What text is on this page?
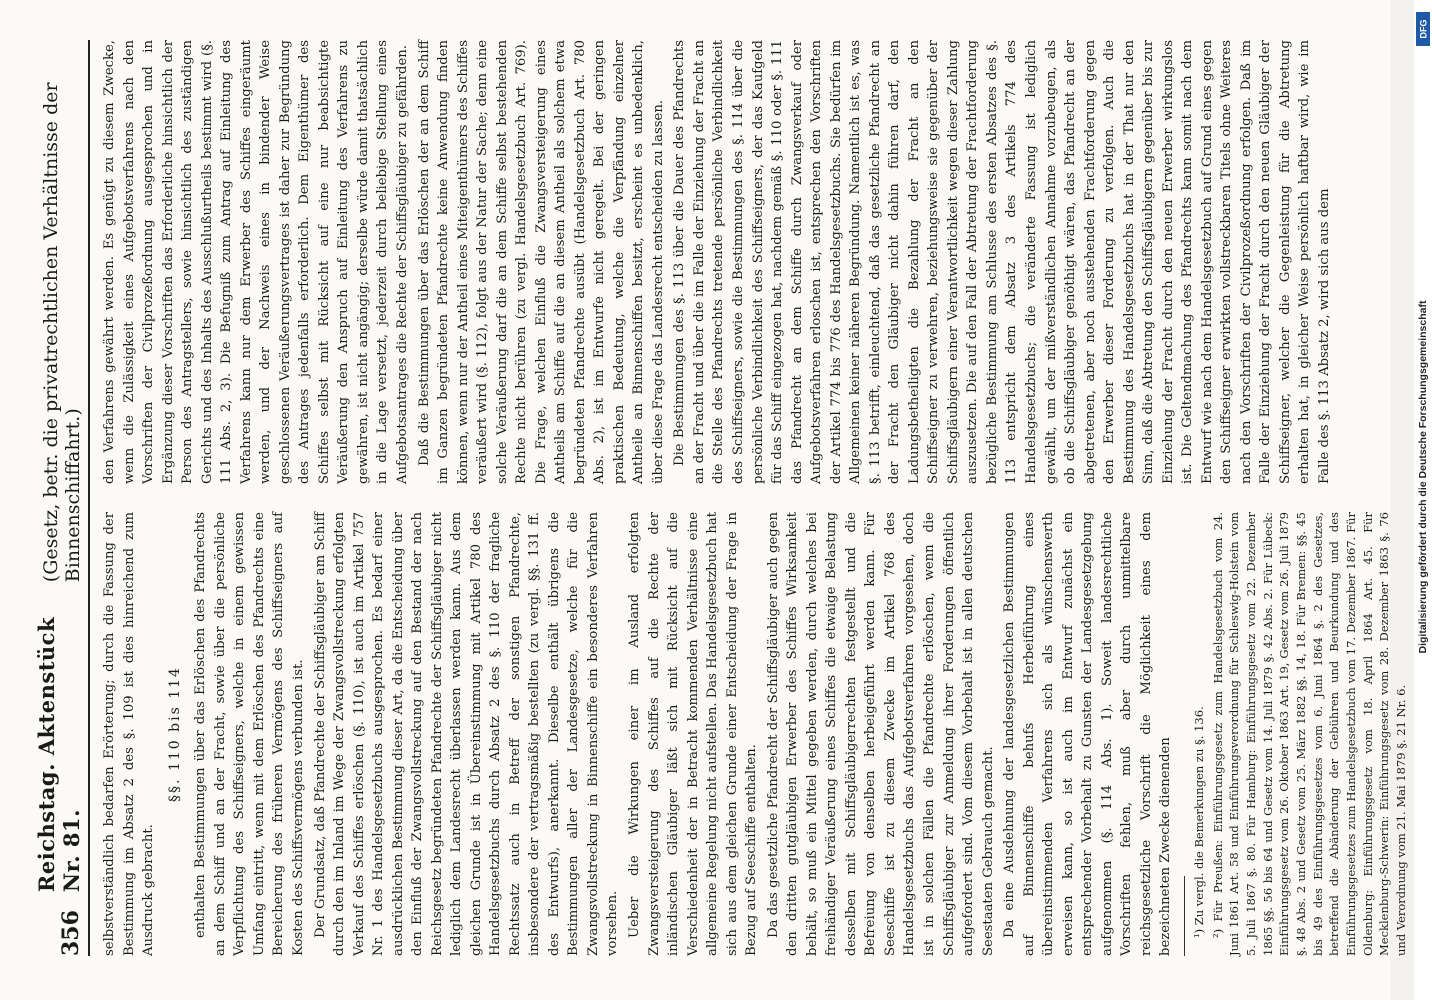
356
Reichstag. Aktenstück Nr. 81.
(Gesetz, betr. die privatrechtlichen Verhältnisse der Binnenschiffahrt.)

selbstverständlich bedarfen Erörterung; durch die Fassung der Bestimmung im Absatz 2 des §. 109 ist dies hinreichend zum Ausdruck gebracht.

§§. 110 bis 114 enthalten Bestimmungen über das Erlöschen des Pfandrechts an dem Schiff und an der Fracht, sowie über die persönliche Verpflichtung des Schiffseigners, welche in einem gewissen Umfang eintritt, wenn mit dem Erlöschen des Pfandrechts eine Bereicherung des früheren Vermögens des Schiffseigners auf Kosten des Schiffsvermögens verbunden ist. Der Grundsatz, daß Pfandrechte der Schiffsgläubiger am Schiff durch den im Inland im Wege der Zwangsvollstreckung erfolgten Verkauf des Schiffes erlöschen (§. 110), ist auch im Artikel 757 Nr. 1 des Handelsgesetzbuchs ausgesprochen. Es bedarf einer ausdrücklichen Bestimmung dieser Art, da die Entscheidung über den Einfluß der Zwangsvollstreckung auf den Bestand der nach Reichsgesetz begründeten Pfandrechte der Schiffsgläubiger nicht lediglich dem Landesrecht überlassen werden kann. Aus dem gleichen Grunde ist in Übereinstimmung mit Artikel 780 des Handelsgesetzbuchs durch Absatz 2 des §. 110 der fragliche Rechtssatz auch in Betreff der sonstigen Pfandrechte, insbesondere der vertragsmäßig bestellten (zu vergl. §§. 131 ff. des Entwurfs), anerkannt. Dieselbe enthält übrigens die Bestimmungen aller der Landesgesetze, welche für die Zwangsvollstreckung in Binnenschiffe ein besonderes Verfahren vorsehen. Ueber die Wirkungen einer im Ausland erfolgten Zwangsversteigerung des Schiffes auf die Rechte der inländischen Gläubiger läßt sich mit Rücksicht auf die Verschiedenheit der in Betracht kommenden Verhältnisse eine allgemeine Regelung nicht aufstellen. Das Handelsgesetzbuch hat sich aus dem gleichen Grunde einer Entscheidung der Frage in Bezug auf Seeschiffe enthalten. Da das gesetzliche Pfandrecht der Schiffsgläubiger auch gegen den dritten gutgläubigen Erwerber des Schiffes Wirksamkeit behält, so muß ein Mittel gegeben werden, durch welches bei freihändiger Veräußerung eines Schiffes die etwaige Belastung desselben mit Schiffsgläubigerrechten festgestellt und die Befreiung von denselben herbeigeführt werden kann. Für Seeschiffe ist zu diesem Zwecke im Artikel 768 des Handelsgesetzbuchs das Aufgebotsverfahren vorgesehen, doch ist in solchen Fällen die Pfandrechte erlöschen, wenn die Schiffsgläubiger zur Anmeldung ihrer Forderungen öffentlich aufgefordert sind. Vom diesem Vorbehalt ist in allen deutschen Seestaaten Gebrauch gemacht. Da eine Ausdehnung der landesgesetzlichen Bestimmungen auf Binnenschiffe behufs Herbeiführung eines übereinstimmenden Verfahrens sich als wünschenswerth erweisen kann, so ist auch im Entwurf zunächst ein entsprechender Vorbehalt zu Gunsten der Landesgesetzgebung aufgenommen (§. 114 Abs. 1). Soweit landesrechtliche Vorschriften fehlen, muß aber durch unmittelbare reichsgesetzliche Vorschrift die Möglichkeit eines dem bezeichneten Zwecke dienenden ¹) Zu vergl. die Bemerkungen zu §. 136. ²) Für Preußen: Einführungsgesetz zum Handelsgesetzbuch vom 24. Juni 1861 Art. 58 und Einführungsverordnung für Schleswig-Holstein vom 5. Juli 1867 §. 80. Für Hamburg: Einführungsgesetz vom 22. Dezember 1865 §§. 56 bis 64 und Gesetz vom 14. Juli 1879 §. 42 Abs. 2. Für Lübeck: Einführungsgesetz vom 26. Oktober 1863 Art. 19, Gesetz vom 26. Juli 1879 §. 48 Abs. 2 und Gesetz vom 25. März 1882 §§. 14, 18. Für Bremen: §§. 45 bis 49 des Einführungsgesetzes vom 6. Juni 1864 §. 2 des Gesetzes, betreffend die Abänderung der Gebühren und Beurkundung und des Einführungsgesetzes zum Handelsgesetzbuch vom 17. Dezember 1867. Für Oldenburg: Einführungsgesetz vom 18. April 1864 Art. 45. Für Mecklenburg-Schwerin: Einführungsgesetz vom 28. Dezember 1863 §. 76 und Verordnung vom 21. Mai 1879 §. 21 Nr. 6.

den Verfahrens gewährt werden. Es genügt zu diesem Zwecke, wenn die Zulässigkeit eines Aufgebotsverfahrens nach den Vorschriften der Civilprozeßordnung ausgesprochen und in Ergänzung dieser Vorschriften das Erforderliche hinsichtlich der Person des Antragstellers, sowie hinsichtlich des zuständigen Gerichts und des Inhalts des Ausschlußurtheils bestimmt wird (§. 111 Abs. 2, 3). Die Befugniß zum Antrag auf Einleitung des Verfahrens kann nur dem Erwerber des Schiffes eingeräumt werden, und der Nachweis eines in bindender Weise geschlossenen Veräußerungsvertrages ist daher zur Begründung des Antrages jedenfalls erforderlich. Dem Eigenthümer des Schiffes selbst mit Rücksicht auf eine nur beabsichtigte Veräußerung den Anspruch auf Einleitung des Verfahrens zu gewähren, ist nicht angängig; derselbe würde damit thatsächlich in die Lage versetzt, jederzeit durch beliebige Stellung eines Aufgebotsantrages die Rechte der Schiffsgläubiger zu gefährden. Daß die Bestimmungen über das Erlöschen der an dem Schiff im Ganzen begründeten Pfandrechte keine Anwendung finden können, wenn nur der Antheil eines Miteigenthümers des Schiffes veräußert wird (§. 112), folgt aus der Natur der Sache; denn eine solche Veräußerung darf die an dem Schiffe selbst bestehenden Rechte nicht berühren (zu vergl. Handelsgesetzbuch Art. 769). Die Frage, welchen Einfluß die Zwangsversteigerung eines Antheils am Schiffe auf die an diesem Antheil als solchem etwa begründeten Pfandrechte ausübt (Handelsgesetzbuch Art. 780 Abs. 2), ist im Entwurfe nicht geregelt. Bei der geringen praktischen Bedeutung, welche die Verpfändung einzelner Antheile an Binnenschiffen besitzt, erscheint es unbedenklich, über diese Frage das Landesrecht entscheiden zu lassen. Die Bestimmungen des §. 113 über die Dauer des Pfandrechts an der Fracht und über die im Falle der Einziehung der Fracht an die Stelle des Pfandrechts tretende persönliche Verbindlichkeit des Schiffseigners, sowie die Bestimmungen des §. 114 über die persönliche Verbindlichkeit des Schiffseigners, der das Kaufgeld für das Schiff eingezogen hat, nachdem gemäß §. 110 oder §. 111 das Pfandrecht an dem Schiffe durch Zwangsverkauf oder Aufgebotsverfahren erloschen ist, entsprechen den Vorschriften der Artikel 774 bis 776 des Handelsgesetzbuchs. Sie bedürfen im Allgemeinen keiner näheren Begründung. Namentlich ist es, was §. 113 betrifft, einleuchtend, daß das gesetzliche Pfandrecht an der Fracht den Gläubiger nicht dahin führen darf, den Ladungsbetheiligten die Bezahlung der Fracht an den Schiffseigner zu verwehren, beziehungsweise sie gegenüber der Schiffsgläubigern einer Verantwortlichkeit wegen dieser Zahlung auszusetzen. Die auf den Fall der Abtretung der Frachtforderung bezügliche Bestimmung am Schlusse des ersten Absatzes des §. 113 entspricht dem Absatz 3 des Artikels 774 des Handelsgesetzbuchs; die veränderte Fassung ist lediglich gewählt, um der mißverständlichen Annahme vorzubeugen, als ob die Schiffsgläubiger genöthigt wären, das Pfandrecht an der abgetretenen, aber noch ausstehenden Frachtforderung gegen den Erwerber dieser Forderung zu verfolgen. Auch die Bestimmung des Handelsgesetzbuchs hat in der That nur den Sinn, daß die Abtretung den Schiffsgläubigern gegenüber bis zur Einziehung der Fracht durch den neuen Erwerber wirkungslos ist. Die Geltendmachung des Pfandrechts kann somit nach dem Entwurf wie nach dem Handelsgesetzbuch auf Grund eines gegen den Schiffseigner erwirkten vollstreckbaren Titels ohne Weiteres nach den Vorschriften der Civilprozeßordnung erfolgen. Daß im Falle der Einziehung der Fracht durch den neuen Gläubiger der Schiffseigner, welcher die Gegenleistung für die Abtretung erhalten hat, in gleicher Weise persönlich haftbar wird, wie im Falle des §. 113 Absatz 2, wird sich aus dem	Digitalisierung gefördert durch die Deutsche Forschungsgemeinschaft
DFG
